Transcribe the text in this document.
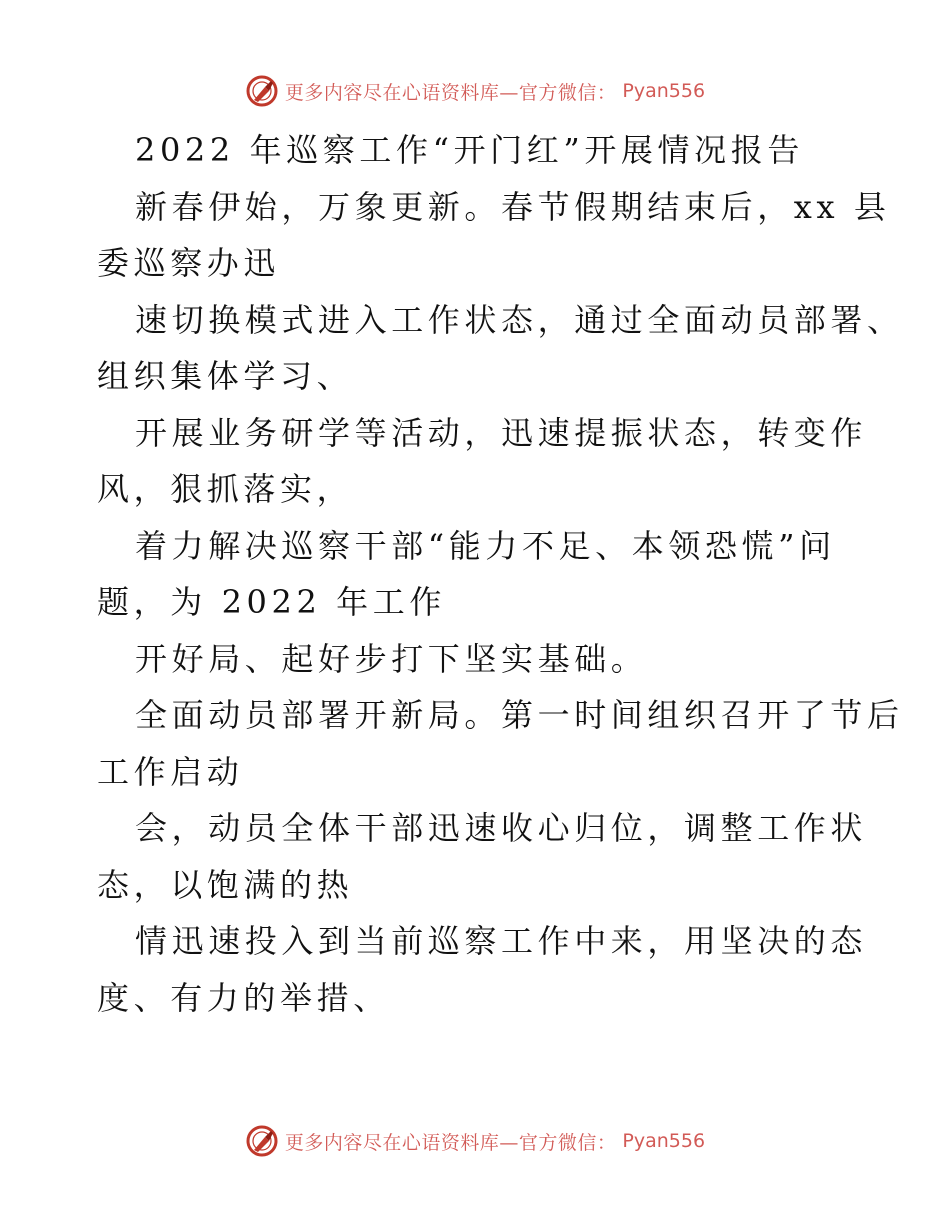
更多内容尽在心语资料库—官方微信： Pyan556

2022 年巡察工作“开门红”开展情况报告

新春伊始，万象更新。春节假期结束后，xx 县

委巡察办迅

速切换模式进入工作状态，通过全面动员部署、

组织集体学习、

开展业务研学等活动，迅速提振状态，转变作

风，狠抓落实，

着力解决巡察干部“能力不足、本领恐慌”问

题，为 2022 年工作

开好局、起好步打下坚实基础。

全面动员部署开新局。第一时间组织召开了节后

工作启动

会，动员全体干部迅速收心归位，调整工作状

态，以饱满的热

情迅速投入到当前巡察工作中来，用坚决的态

度、有力的举措、

更多内容尽在心语资料库—官方微信： Pyan556
